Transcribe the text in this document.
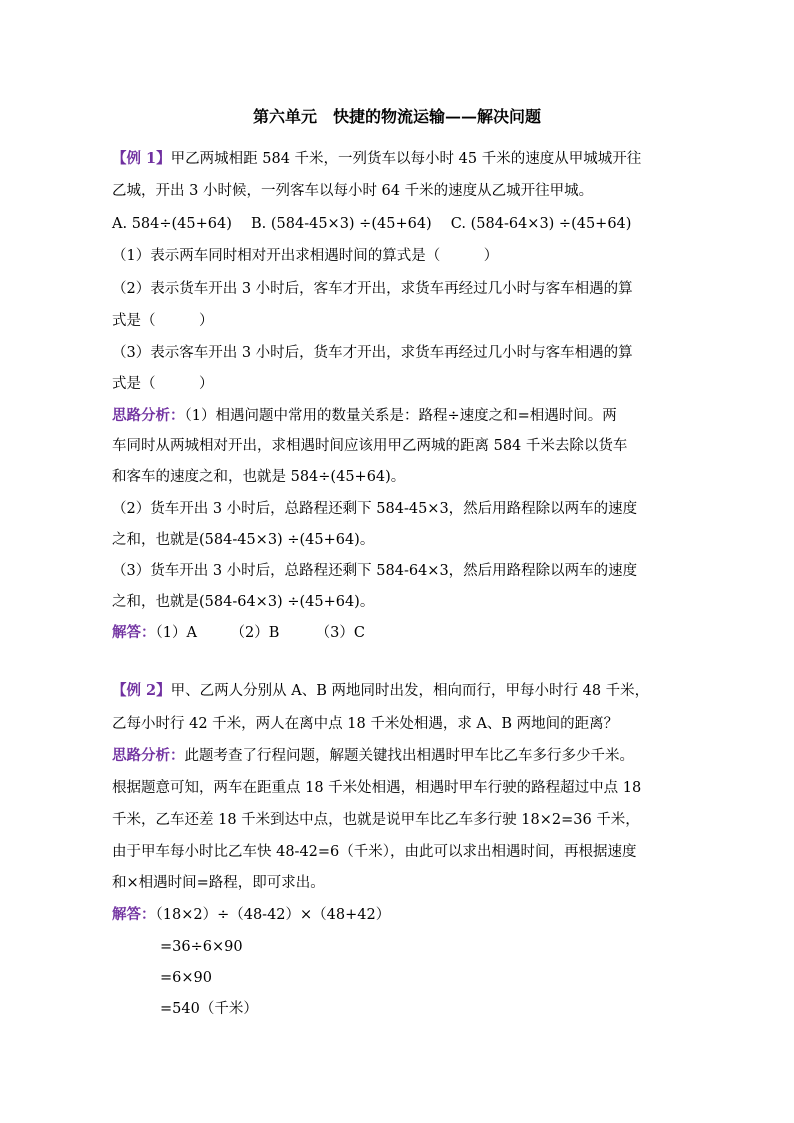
第六单元　快捷的物流运输——解决问题
【例 1】甲乙两城相距 584 千米，一列货车以每小时 45 千米的速度从甲城城开往
乙城，开出 3 小时候，一列客车以每小时 64 千米的速度从乙城开往甲城。
A. 584÷(45+64)　 B. (584-45×3) ÷(45+64)　 C. (584-64×3) ÷(45+64)
（1）表示两车同时相对开出求相遇时间的算式是（　　　）
（2）表示货车开出 3 小时后，客车才开出，求货车再经过几小时与客车相遇的算
式是（　　　）
（3）表示客车开出 3 小时后，货车才开出，求货车再经过几小时与客车相遇的算
式是（　　　）
思路分析：（1）相遇问题中常用的数量关系是：路程÷速度之和=相遇时间。两
车同时从两城相对开出，求相遇时间应该用甲乙两城的距离 584 千米去除以货车
和客车的速度之和，也就是 584÷(45+64)。
（2）货车开出 3 小时后，总路程还剩下 584-45×3，然后用路程除以两车的速度
之和，也就是(584-45×3) ÷(45+64)。
（3）货车开出 3 小时后，总路程还剩下 584-64×3，然后用路程除以两车的速度
之和，也就是(584-64×3) ÷(45+64)。
解答：（1）A　　 （2）B　　　（3）C
【例 2】甲、乙两人分别从 A、B 两地同时出发，相向而行，甲每小时行 48 千米，
乙每小时行 42 千米，两人在离中点 18 千米处相遇，求 A、B 两地间的距离？
思路分析：此题考查了行程问题，解题关键找出相遇时甲车比乙车多行多少千米。
根据题意可知，两车在距重点 18 千米处相遇，相遇时甲车行驶的路程超过中点 18
千米，乙车还差 18 千米到达中点，也就是说甲车比乙车多行驶 18×2=36 千米，
由于甲车每小时比乙车快 48-42=6（千米），由此可以求出相遇时间，再根据速度
和×相遇时间=路程，即可求出。
解答：（18×2）÷（48-42）×（48+42）
=36÷6×90
=6×90
=540（千米）
